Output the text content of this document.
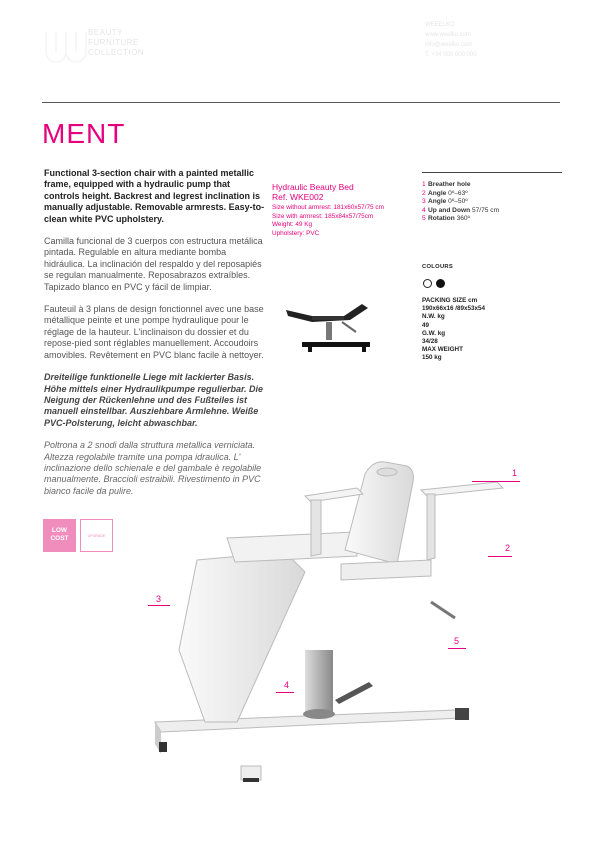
BEAUTY
FURNITURE
COLLECTION
WEEELKO
www.weelko.com
info@weelko.com
T. +34 000 000 000
MENT

Functional 3-section chair with a painted metallic frame, equipped with a hydraulic pump that controls height. Backrest and legrest inclination is manually adjustable. Removable armrests. Easy-to-clean white PVC upholstery.

Camilla funcional de 3 cuerpos con estructura metálica pintada. Regulable en altura mediante bomba hidráulica. La inclinación del respaldo y del reposapiés se regulan manualmente. Reposabrazos extraíbles. Tapizado blanco en PVC y fácil de limpiar.

Fauteuil à 3 plans de design fonctionnel avec une base métallique peinte et une pompe hydraulique pour le réglage de la hauteur. L'inclinaison du dossier et du repose-pied sont réglables manuellement. Accoudoirs amovibles. Revêtement en PVC blanc facile à nettoyer.

Dreiteilige funktionelle Liege mit lackierter Basis. Höhe mittels einer Hydraulikpumpe regulierbar. Die Neigung der Rückenlehne und des Fußteiles ist manuell einstellbar. Ausziehbare Armlehne. Weiße PVC-Polsterung, leicht abwaschbar.

Poltrona a 2 snodi dalla struttura metallica verniciata. Altezza regolabile tramite una pompa idraulica. L' inclinazione dello schienale e del gambale è regolabile manualmente. Braccioli estraibili. Rivestimento in PVC bianco facile da pulire.

Hydraulic Beauty Bed
Ref. WKE002
Size without armrest: 181x60x57/75 cm
Size with armrest: 185x84x57/75cm
Weight: 49 Kg
Upholstery: PVC
1 Breather hole
2 Angle 0º–63º
3 Angle 0º–50º
4 Up and Down 57/75 cm
5 Rotation 360º
COLOURS
PACKING SIZE cm
190x66x16 /89x53x54
N.W. kg
49
G.W. kg
34/28
MAX WEIGHT
150 kg
LOW COST	UPGRADE
1
2
3
4
5
